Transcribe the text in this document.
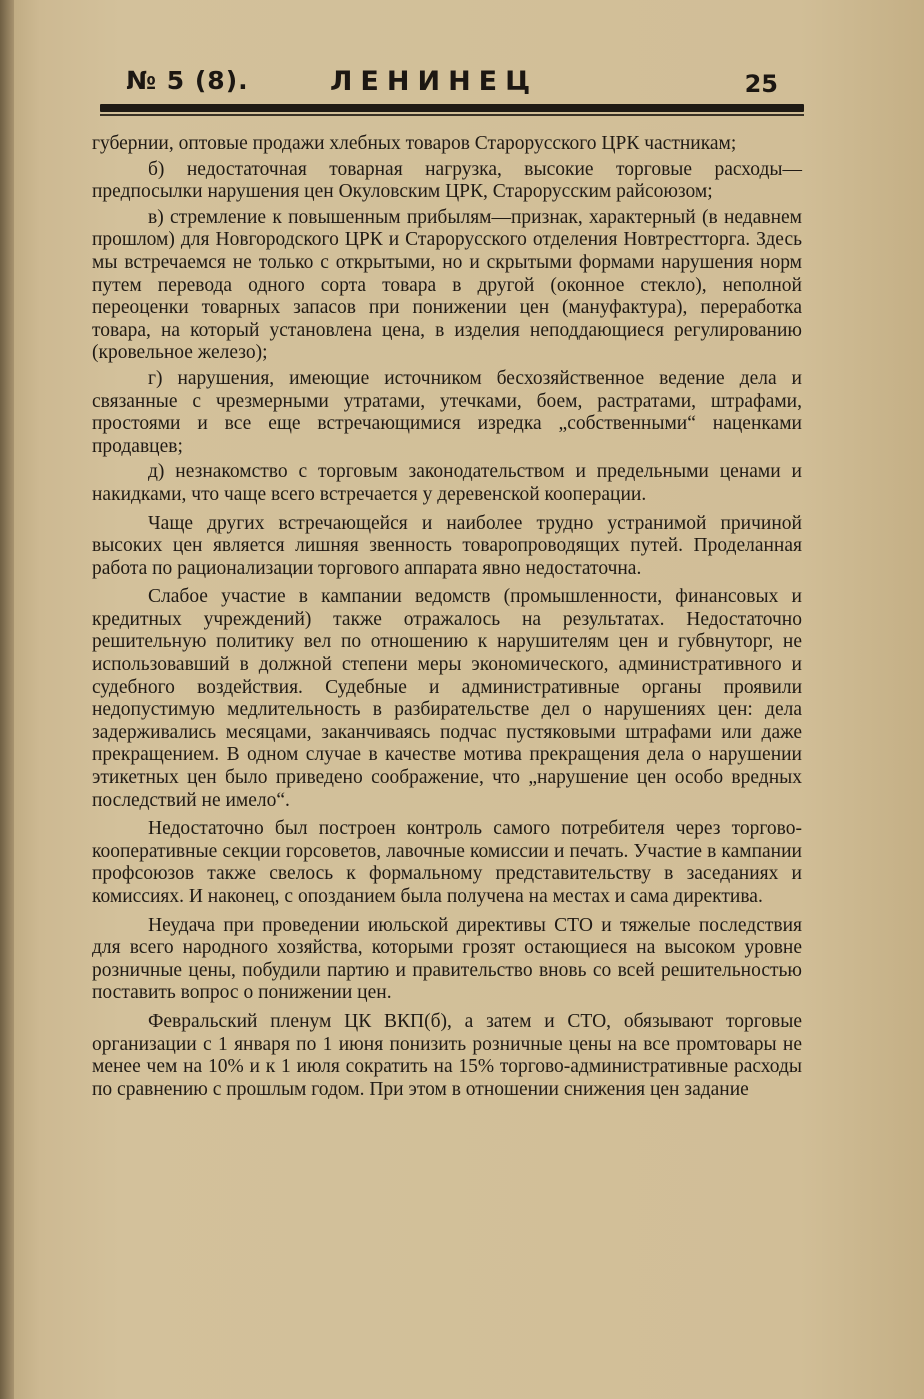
№ 5 (8).	ЛЕНИНЕЦ	25

губернии, оптовые продажи хлебных товаров Старорусского ЦРК частникам;

б) недостаточная товарная нагрузка, высокие торговые расходы—предпосылки нарушения цен Окуловским ЦРК, Старорусским райсоюзом;

в) стремление к повышенным прибылям—признак, характерный (в недавнем прошлом) для Новгородского ЦРК и Старорусского отделения Новтрестторга. Здесь мы встречаемся не только с открытыми, но и скрытыми формами нарушения норм путем перевода одного сорта товара в другой (оконное стекло), неполной переоценки товарных запасов при понижении цен (мануфактура), переработка товара, на который установлена цена, в изделия неподдающиеся регулированию (кровельное железо);

г) нарушения, имеющие источником бесхозяйственное ведение дела и связанные с чрезмерными утратами, утечками, боем, растратами, штрафами, простоями и все еще встречающимися изредка „собственными“ наценками продавцев;

д) незнакомство с торговым законодательством и предельными ценами и накидками, что чаще всего встречается у деревенской кооперации.

Чаще других встречающейся и наиболее трудно устранимой причиной высоких цен является лишняя звенность товаропроводящих путей. Проделанная работа по рационализации торгового аппарата явно недостаточна.

Слабое участие в кампании ведомств (промышленности, финансовых и кредитных учреждений) также отражалось на результатах. Недостаточно решительную политику вел по отношению к нарушителям цен и губвнуторг, не использовавший в должной степени меры экономического, административного и судебного воздействия. Судебные и административные органы проявили недопустимую медлительность в разбирательстве дел о нарушениях цен: дела задерживались месяцами, заканчиваясь подчас пустяковыми штрафами или даже прекращением. В одном случае в качестве мотива прекращения дела о нарушении этикетных цен было приведено соображение, что „нарушение цен особо вредных последствий не имело“.

Недостаточно был построен контроль самого потребителя через торгово-кооперативные секции горсоветов, лавочные комиссии и печать. Участие в кампании профсоюзов также свелось к формальному представительству в заседаниях и комиссиях. И наконец, с опозданием была получена на местах и сама директива.

Неудача при проведении июльской директивы СТО и тяжелые последствия для всего народного хозяйства, которыми грозят остающиеся на высоком уровне розничные цены, побудили партию и правительство вновь со всей решительностью поставить вопрос о понижении цен.

Февральский пленум ЦК ВКП(б), а затем и СТО, обязывают торговые организации с 1 января по 1 июня понизить розничные цены на все промтовары не менее чем на 10% и к 1 июля сократить на 15% торгово-административные расходы по сравнению с прошлым годом. При этом в отношении снижения цен задание
